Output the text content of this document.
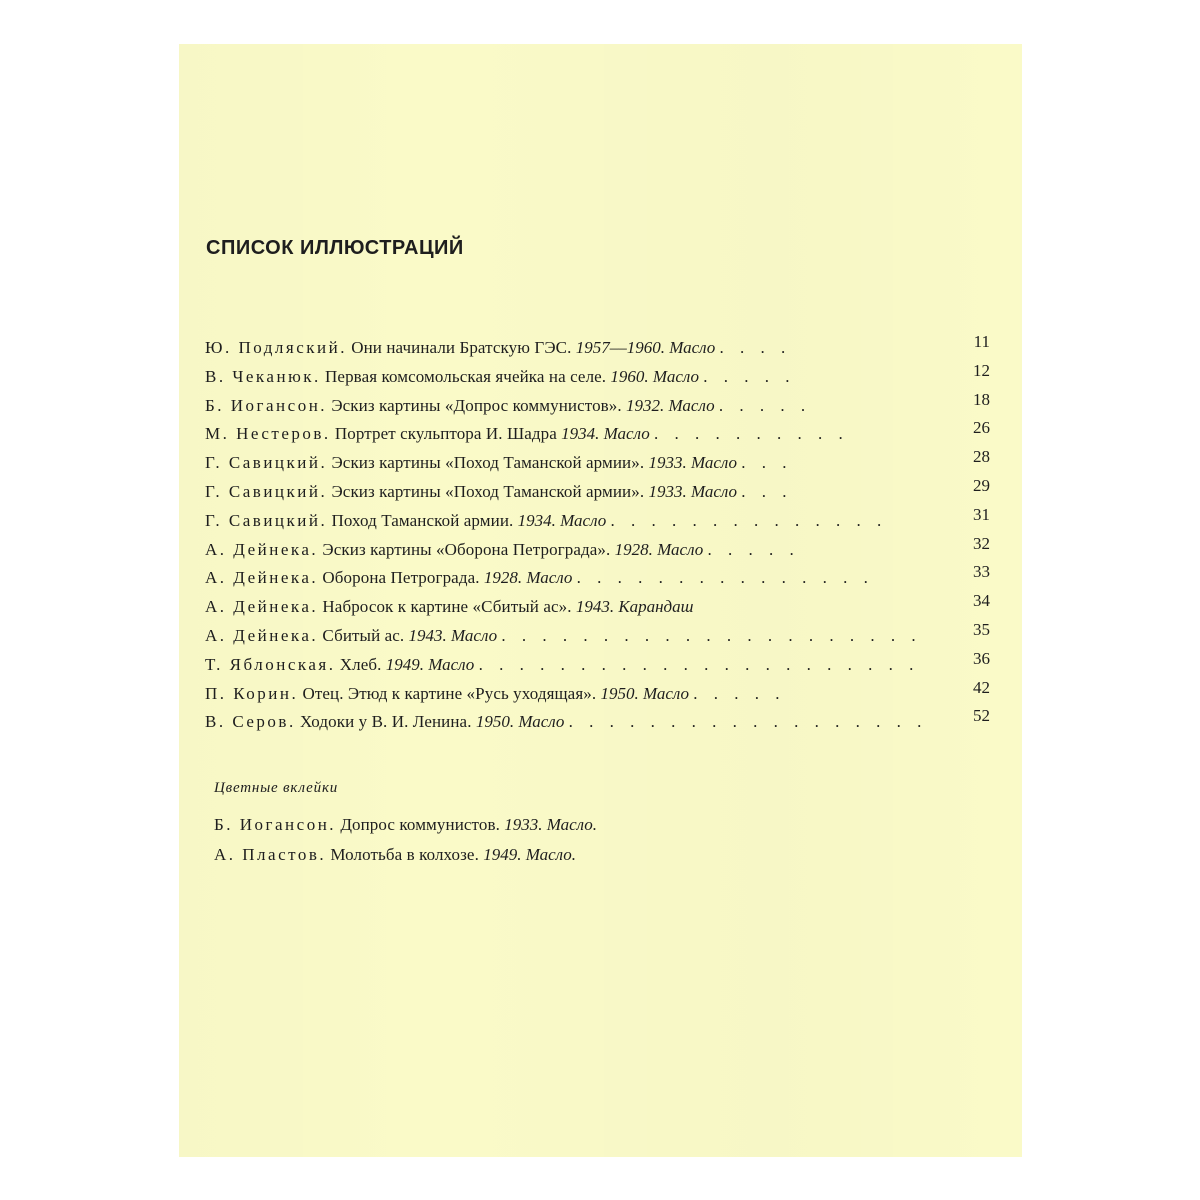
СПИСОК ИЛЛЮСТРАЦИЙ
Ю. Подляский. Они начинали Братскую ГЭС. 1957––1960. Масло . . . .	11
В. Чеканюк. Первая комсомольская ячейка на селе. 1960. Масло . . . . .	12
Б. Иогансон. Эскиз картины «Допрос коммунистов». 1932. Масло . . . . .	18
М. Нестеров. Портрет скульптора И. Шадра 1934. Масло . . . . . . . . . .	26
Г. Савицкий. Эскиз картины «Поход Таманской армии». 1933. Масло . . .	28
Г. Савицкий. Эскиз картины «Поход Таманской армии». 1933. Масло . . .	29
Г. Савицкий. Поход Таманской армии. 1934. Масло . . . . . . . . . . . . . .	31
А. Дейнека. Эскиз картины «Оборона Петрограда». 1928. Масло . . . . .	32
А. Дейнека. Оборона Петрограда. 1928. Масло . . . . . . . . . . . . . . .	33
А. Дейнека. Набросок к картине «Сбитый ас». 1943. Карандаш	34
А. Дейнека. Сбитый ас. 1943. Масло . . . . . . . . . . . . . . . . . . . . .	35
Т. Яблонская. Хлеб. 1949. Масло . . . . . . . . . . . . . . . . . . . . . .	36
П. Корин. Отец. Этюд к картине «Русь уходящая». 1950. Масло . . . . .	42
В. Серов. Ходоки у В. И. Ленина. 1950. Масло . . . . . . . . . . . . . . . . . .	52
Цветные вклейки
Б. Иогансон. Допрос коммунистов. 1933. Масло.
А. Пластов. Молотьба в колхозе. 1949. Масло.
